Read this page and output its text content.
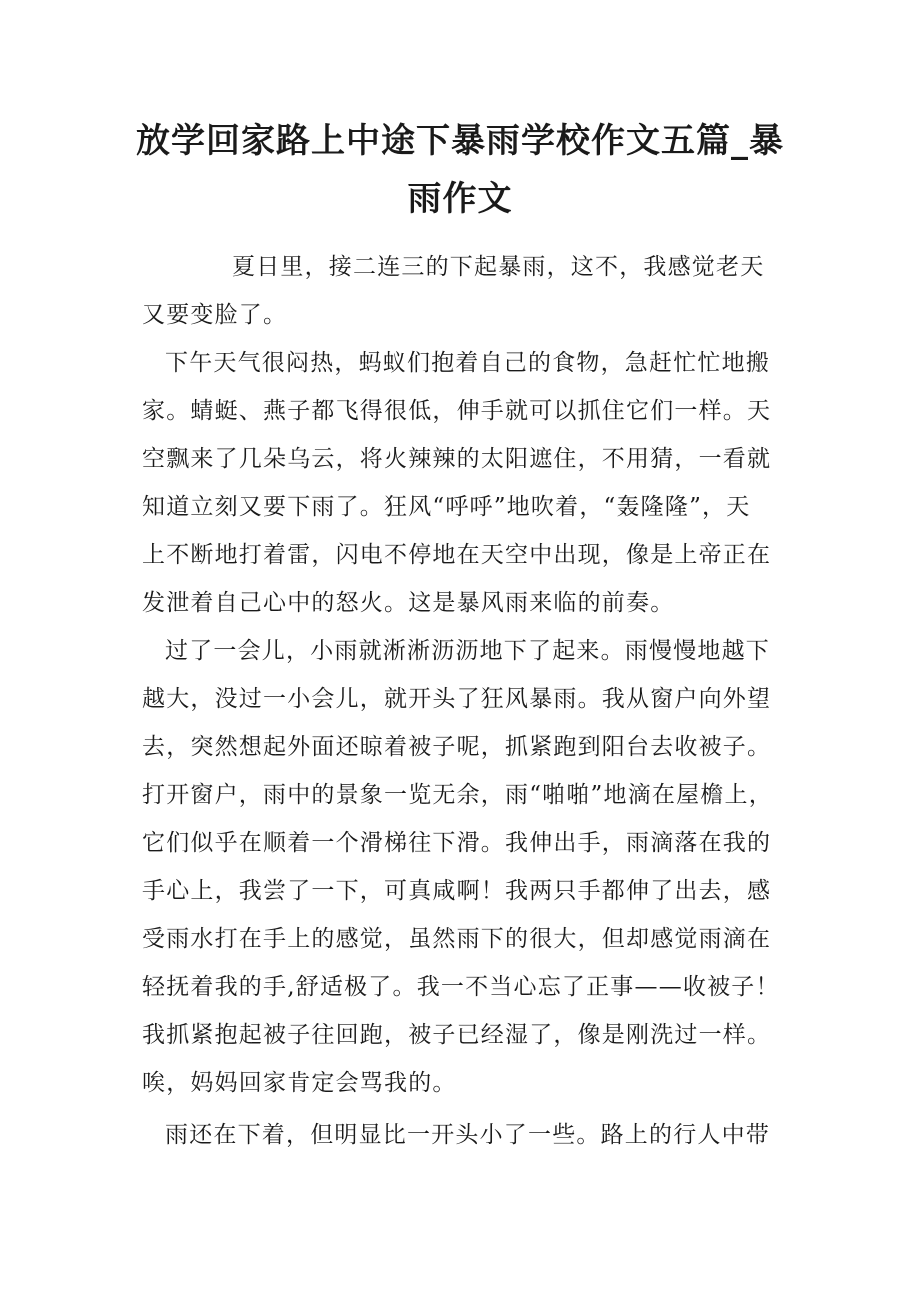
放学回家路上中途下暴雨学校作文五篇_暴
雨作文
夏日里，接二连三的下起暴雨，这不，我感觉老天
又要变脸了。
下午天气很闷热，蚂蚁们抱着自己的食物，急赶忙忙地搬
家。蜻蜓、燕子都飞得很低，伸手就可以抓住它们一样。天
空飘来了几朵乌云，将火辣辣的太阳遮住，不用猜，一看就
知道立刻又要下雨了。狂风“呼呼”地吹着，“轰隆隆”，天
上不断地打着雷，闪电不停地在天空中出现，像是上帝正在
发泄着自己心中的怒火。这是暴风雨来临的前奏。
过了一会儿，小雨就淅淅沥沥地下了起来。雨慢慢地越下
越大，没过一小会儿，就开头了狂风暴雨。我从窗户向外望
去，突然想起外面还晾着被子呢，抓紧跑到阳台去收被子。
打开窗户，雨中的景象一览无余，雨“啪啪”地滴在屋檐上，
它们似乎在顺着一个滑梯往下滑。我伸出手，雨滴落在我的
手心上，我尝了一下，可真咸啊！我两只手都伸了出去，感
受雨水打在手上的感觉，虽然雨下的很大，但却感觉雨滴在
轻抚着我的手,舒适极了。我一不当心忘了正事——收被子！
我抓紧抱起被子往回跑，被子已经湿了，像是刚洗过一样。
唉，妈妈回家肯定会骂我的。
雨还在下着，但明显比一开头小了一些。路上的行人中带
